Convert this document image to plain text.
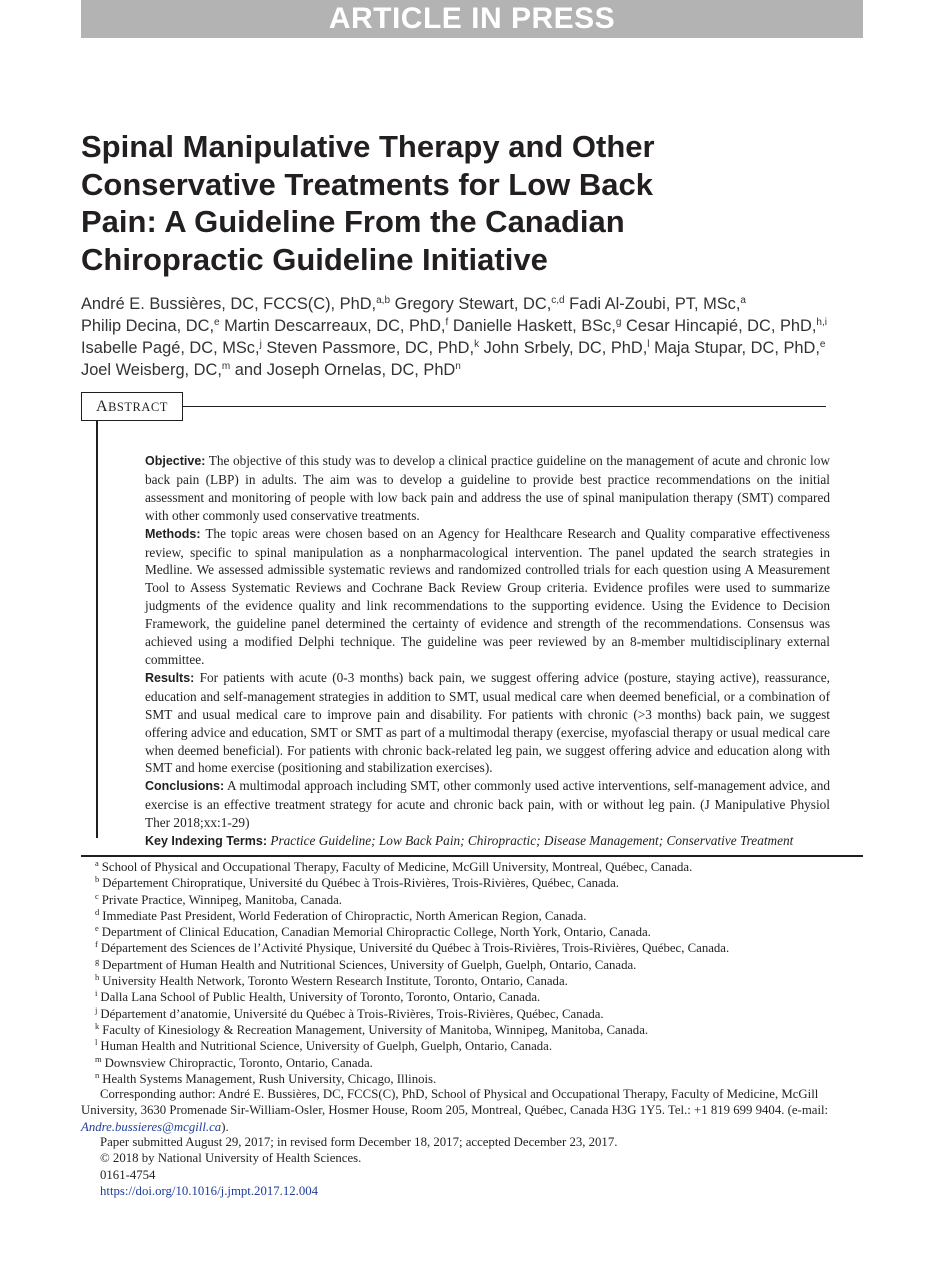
ARTICLE IN PRESS
Spinal Manipulative Therapy and Other Conservative Treatments for Low Back Pain: A Guideline From the Canadian Chiropractic Guideline Initiative
André E. Bussières, DC, FCCS(C), PhD,$^{a,b}$ Gregory Stewart, DC,$^{c,d}$ Fadi Al-Zoubi, PT, MSc,$^a$
Philip Decina, DC,$^e$ Martin Descarreaux, DC, PhD,$^f$ Danielle Haskett, BSc,$^g$ Cesar Hincapié, DC, PhD,$^{h,i}$
Isabelle Pagé, DC, MSc,$^j$ Steven Passmore, DC, PhD,$^k$ John Srbely, DC, PhD,$^l$ Maja Stupar, DC, PhD,$^e$
Joel Weisberg, DC,$^m$ and Joseph Ornelas, DC, PhD$^n$
ABSTRACT

Objective: The objective of this study was to develop a clinical practice guideline on the management of acute and chronic low back pain (LBP) in adults. The aim was to develop a guideline to provide best practice recommendations on the initial assessment and monitoring of people with low back pain and address the use of spinal manipulation therapy (SMT) compared with other commonly used conservative treatments.

Methods: The topic areas were chosen based on an Agency for Healthcare Research and Quality comparative effectiveness review, specific to spinal manipulation as a nonpharmacological intervention. The panel updated the search strategies in Medline. We assessed admissible systematic reviews and randomized controlled trials for each question using A Measurement Tool to Assess Systematic Reviews and Cochrane Back Review Group criteria. Evidence profiles were used to summarize judgments of the evidence quality and link recommendations to the supporting evidence. Using the Evidence to Decision Framework, the guideline panel determined the certainty of evidence and strength of the recommendations. Consensus was achieved using a modified Delphi technique. The guideline was peer reviewed by an 8-member multidisciplinary external committee.

Results: For patients with acute (0-3 months) back pain, we suggest offering advice (posture, staying active), reassurance, education and self-management strategies in addition to SMT, usual medical care when deemed beneficial, or a combination of SMT and usual medical care to improve pain and disability. For patients with chronic (>3 months) back pain, we suggest offering advice and education, SMT or SMT as part of a multimodal therapy (exercise, myofascial therapy or usual medical care when deemed beneficial). For patients with chronic back-related leg pain, we suggest offering advice and education along with SMT and home exercise (positioning and stabilization exercises).

Conclusions: A multimodal approach including SMT, other commonly used active interventions, self-management advice, and exercise is an effective treatment strategy for acute and chronic back pain, with or without leg pain. (J Manipulative Physiol Ther 2018;xx:1-29)

Key Indexing Terms: Practice Guideline; Low Back Pain; Chiropractic; Disease Management; Conservative Treatment

$^a$ School of Physical and Occupational Therapy, Faculty of Medicine, McGill University, Montreal, Québec, Canada.
$^b$ Département Chiropratique, Université du Québec à Trois-Rivières, Trois-Rivières, Québec, Canada.
$^c$ Private Practice, Winnipeg, Manitoba, Canada.
$^d$ Immediate Past President, World Federation of Chiropractic, North American Region, Canada.
$^e$ Department of Clinical Education, Canadian Memorial Chiropractic College, North York, Ontario, Canada.
$^f$ Département des Sciences de l’Activité Physique, Université du Québec à Trois-Rivières, Trois-Rivières, Québec, Canada.
$^g$ Department of Human Health and Nutritional Sciences, University of Guelph, Guelph, Ontario, Canada.
$^h$ University Health Network, Toronto Western Research Institute, Toronto, Ontario, Canada.
$^i$ Dalla Lana School of Public Health, University of Toronto, Toronto, Ontario, Canada.
$^j$ Département d’anatomie, Université du Québec à Trois-Rivières, Trois-Rivières, Québec, Canada.
$^k$ Faculty of Kinesiology & Recreation Management, University of Manitoba, Winnipeg, Manitoba, Canada.
$^l$ Human Health and Nutritional Science, University of Guelph, Guelph, Ontario, Canada.
$^m$ Downsview Chiropractic, Toronto, Ontario, Canada.
$^n$ Health Systems Management, Rush University, Chicago, Illinois.
Corresponding author: André E. Bussières, DC, FCCS(C), PhD, School of Physical and Occupational Therapy, Faculty of Medicine, McGill University, 3630 Promenade Sir-William-Osler, Hosmer House, Room 205, Montreal, Québec, Canada H3G 1Y5. Tel.: +1 819 699 9404. (e-mail: Andre.bussieres@mcgill.ca).
Paper submitted August 29, 2017; in revised form December 18, 2017; accepted December 23, 2017.
© 2018 by National University of Health Sciences.
0161-4754
https://doi.org/10.1016/j.jmpt.2017.12.004
